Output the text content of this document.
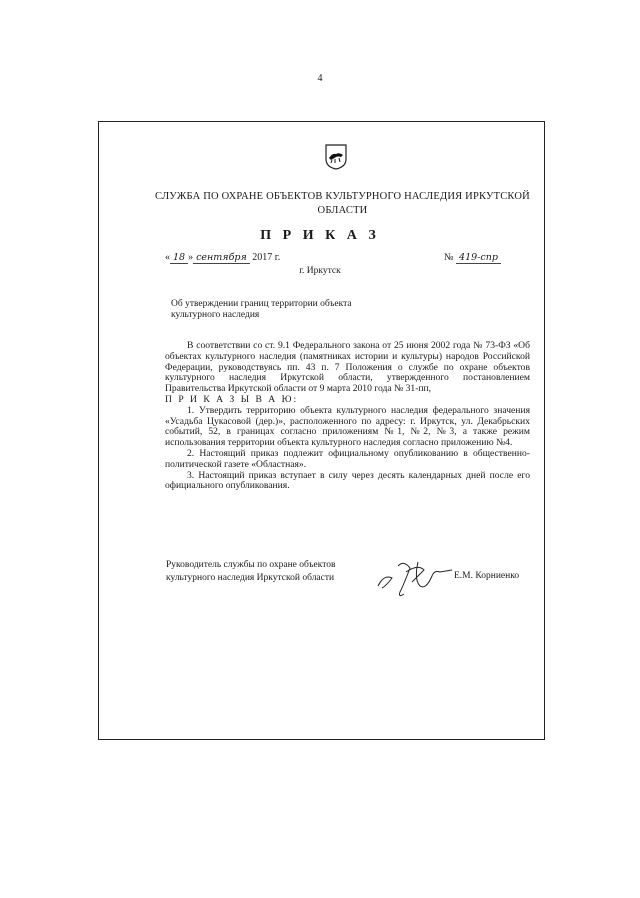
4
СЛУЖБА ПО ОХРАНЕ ОБЪЕКТОВ КУЛЬТУРНОГО НАСЛЕДИЯ ИРКУТСКОЙ ОБЛАСТИ
П Р И К А З
« 18 » сентября 2017 г.	№ 419-спр
г. Иркутск
Об утверждении границ территории объекта культурного наследия

В соответствии со ст. 9.1 Федерального закона от 25 июня 2002 года № 73-ФЗ «Об объектах культурного наследия (памятниках истории и культуры) народов Российской Федерации, руководствуясь пп. 43 п. 7 Положения о службе по охране объектов культурного наследия Иркутской области, утвержденного постановлением Правительства Иркутской области от 9 марта 2010 года № 31-пп,

П Р И К А З Ы В А Ю:

1. Утвердить территорию объекта культурного наследия федерального значения «Усадьба Цукасовой (дер.)», расположенного по адресу: г. Иркутск, ул. Декабрьских событий, 52, в границах согласно приложениям №1, №2, №3, а также режим использования территории объекта культурного наследия согласно приложению №4.

2. Настоящий приказ подлежит официальному опубликованию в общественно-политической газете «Областная».

3. Настоящий приказ вступает в силу через десять календарных дней после его официального опубликования.

Руководитель службы по охране объектов
культурного наследия Иркутской области	Е.М. Корниенко
